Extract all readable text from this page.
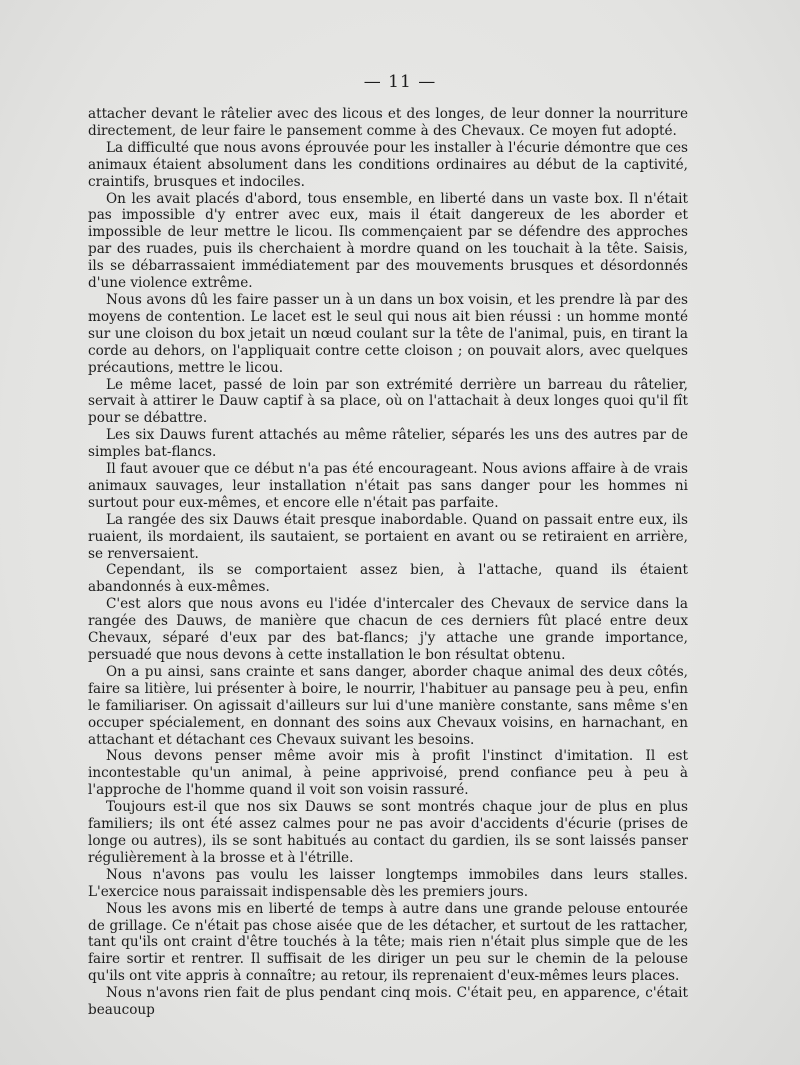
— 11 —

attacher devant le râtelier avec des licous et des longes, de leur donner la nourriture directement, de leur faire le pansement comme à des Chevaux. Ce moyen fut adopté.

La difficulté que nous avons éprouvée pour les installer à l'écurie démontre que ces animaux étaient absolument dans les conditions ordinaires au début de la captivité, craintifs, brusques et indociles.

On les avait placés d'abord, tous ensemble, en liberté dans un vaste box. Il n'était pas impossible d'y entrer avec eux, mais il était dangereux de les aborder et impossible de leur mettre le licou. Ils commençaient par se défendre des approches par des ruades, puis ils cherchaient à mordre quand on les touchait à la tête. Saisis, ils se débarrassaient immédiatement par des mouvements brusques et désordonnés d'une violence extrême.

Nous avons dû les faire passer un à un dans un box voisin, et les prendre là par des moyens de contention. Le lacet est le seul qui nous ait bien réussi : un homme monté sur une cloison du box jetait un nœud coulant sur la tête de l'animal, puis, en tirant la corde au dehors, on l'appliquait contre cette cloison ; on pouvait alors, avec quelques précautions, mettre le licou.

Le même lacet, passé de loin par son extrémité derrière un barreau du râtelier, servait à attirer le Dauw captif à sa place, où on l'attachait à deux longes quoi qu'il fît pour se débattre.

Les six Dauws furent attachés au même râtelier, séparés les uns des autres par de simples bat-flancs.

Il faut avouer que ce début n'a pas été encourageant. Nous avions affaire à de vrais animaux sauvages, leur installation n'était pas sans danger pour les hommes ni surtout pour eux-mêmes, et encore elle n'était pas parfaite.

La rangée des six Dauws était presque inabordable. Quand on passait entre eux, ils ruaient, ils mordaient, ils sautaient, se portaient en avant ou se retiraient en arrière, se renversaient.

Cependant, ils se comportaient assez bien, à l'attache, quand ils étaient abandonnés à eux-mêmes.

C'est alors que nous avons eu l'idée d'intercaler des Chevaux de service dans la rangée des Dauws, de manière que chacun de ces derniers fût placé entre deux Chevaux, séparé d'eux par des bat-flancs; j'y attache une grande importance, persuadé que nous devons à cette installation le bon résultat obtenu.

On a pu ainsi, sans crainte et sans danger, aborder chaque animal des deux côtés, faire sa litière, lui présenter à boire, le nourrir, l'habituer au pansage peu à peu, enfin le familiariser. On agissait d'ailleurs sur lui d'une manière constante, sans même s'en occuper spécialement, en donnant des soins aux Chevaux voisins, en harnachant, en attachant et détachant ces Chevaux suivant les besoins.

Nous devons penser même avoir mis à profit l'instinct d'imitation. Il est incontestable qu'un animal, à peine apprivoisé, prend confiance peu à peu à l'approche de l'homme quand il voit son voisin rassuré.

Toujours est-il que nos six Dauws se sont montrés chaque jour de plus en plus familiers; ils ont été assez calmes pour ne pas avoir d'accidents d'écurie (prises de longe ou autres), ils se sont habitués au contact du gardien, ils se sont laissés panser régulièrement à la brosse et à l'étrille.

Nous n'avons pas voulu les laisser longtemps immobiles dans leurs stalles. L'exercice nous paraissait indispensable dès les premiers jours.

Nous les avons mis en liberté de temps à autre dans une grande pelouse entourée de grillage. Ce n'était pas chose aisée que de les détacher, et surtout de les rattacher, tant qu'ils ont craint d'être touchés à la tête; mais rien n'était plus simple que de les faire sortir et rentrer. Il suffisait de les diriger un peu sur le chemin de la pelouse qu'ils ont vite appris à connaître; au retour, ils reprenaient d'eux-mêmes leurs places.

Nous n'avons rien fait de plus pendant cinq mois. C'était peu, en apparence, c'était beaucoup
